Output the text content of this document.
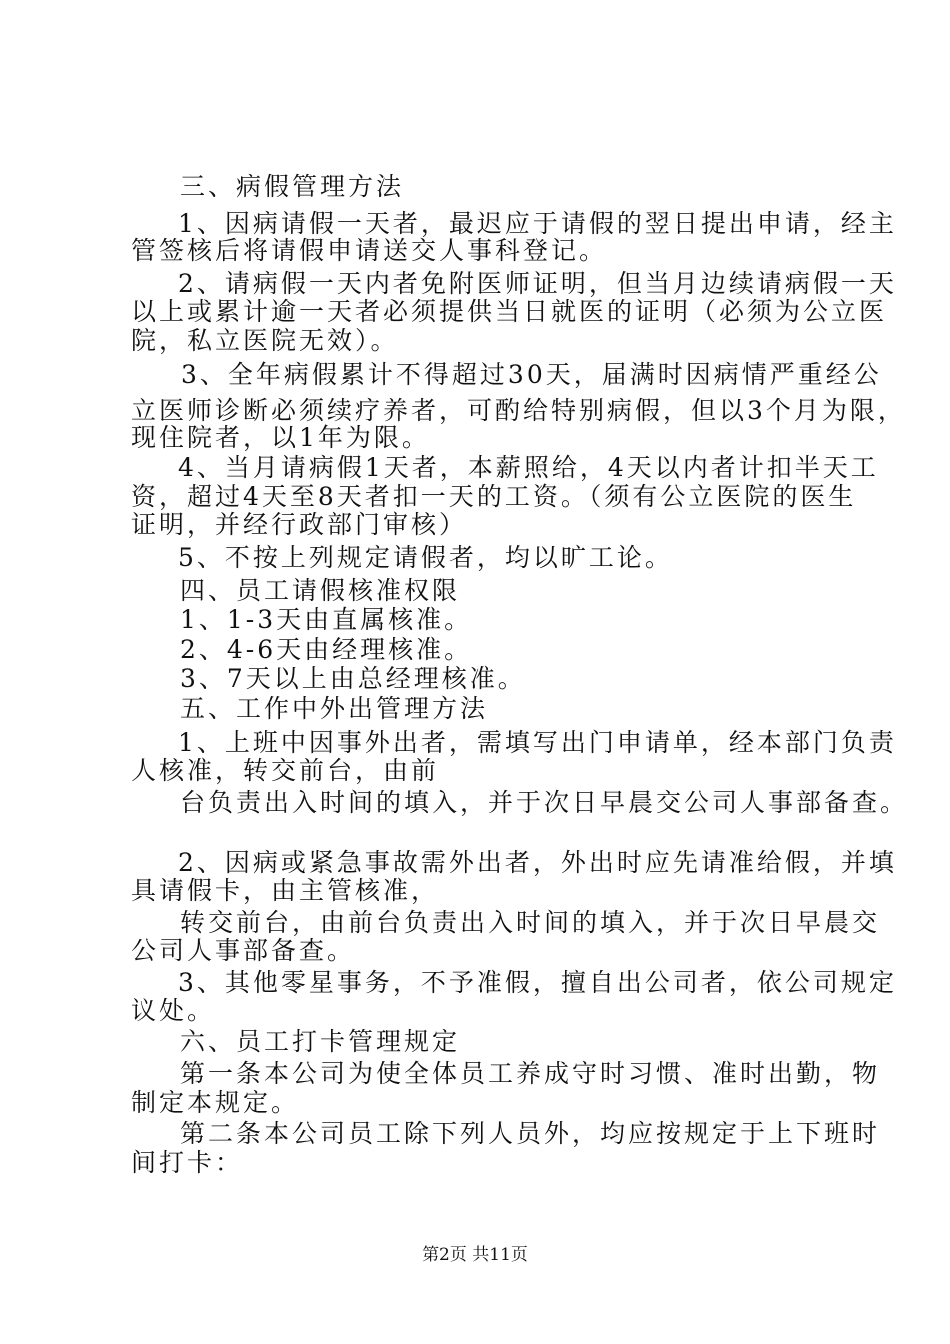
三、病假管理方法
1、因病请假一天者，最迟应于请假的翌日提出申请，经主
管签核后将请假申请送交人事科登记。
2、请病假一天内者免附医师证明，但当月边续请病假一天
以上或累计逾一天者必须提供当日就医的证明（必须为公立医
院，私立医院无效）。
3、全年病假累计不得超过30天，届满时因病情严重经公
立医师诊断必须续疗养者，可酌给特别病假，但以3个月为限，
现住院者，以1年为限。
4、当月请病假1天者，本薪照给，4天以内者计扣半天工
资，超过4天至8天者扣一天的工资。（须有公立医院的医生
证明，并经行政部门审核）
5、不按上列规定请假者，均以旷工论。
四、员工请假核准权限
1、1-3天由直属核准。
2、4-6天由经理核准。
3、7天以上由总经理核准。
五、工作中外出管理方法
1、上班中因事外出者，需填写出门申请单，经本部门负责
人核准，转交前台，由前
台负责出入时间的填入，并于次日早晨交公司人事部备查。
2、因病或紧急事故需外出者，外出时应先请准给假，并填
具请假卡，由主管核准，
转交前台，由前台负责出入时间的填入，并于次日早晨交
公司人事部备查。
3、其他零星事务，不予准假，擅自出公司者，依公司规定
议处。
六、员工打卡管理规定
第一条本公司为使全体员工养成守时习惯、准时出勤，物
制定本规定。
第二条本公司员工除下列人员外，均应按规定于上下班时
间打卡：
第2页 共11页
